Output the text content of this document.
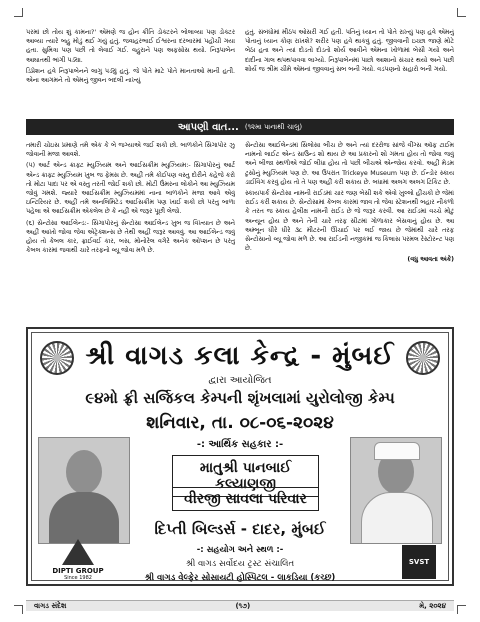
પરમાં છો તોય શું કામના?' એમણે જ હોન ક્રીતિ ડોક્ટરને બોલાવ્યા પણ ડોક્ટર આવ્યા ત્યારે બહુ મોડું થઈ ગયું હતું. જવાહરભાઈ ઈશ્વરના દરબારમાં પહોંચી ગયા હતા. સુમિત્રા પણ પછી તો લેવાઈ ગઈ. વહુરાને પણ અફસોસ થયો. નિરૂપાબેન આઘાતથી ભાંગી પડ્યા.

ડિપ્રેશન હવે નિરૂપાબેનને લાગુ પડ્યું હતું. જે પોતે માટે પોતે માનતાઓ માની હતી. એના આગમને તો એમનું જીવન બદલી નાખ્યું

હતું. સંબંધોમાં મીઠપ ઓસરી ગઈ હતી. પતિનું ધ્યાન તો પોતે રાખ્યું પણ હવે એમનું પોતાનું ધ્યાન કોણ રાખશે? શરીર પણ હવે થાકવું હતું. જીવવાની ઇચ્છા જાણે મોટે બેઠા હતા અને ત્યાં દોડતો દોડતો શોર્ય આવીને એમના ખોળામાં બેસી ગયો અને દાદીના ગાલ થપથપાવવા લાગ્યો. નિરૂપાબેનમાં પાછો આશાનો સંચાર થયો અને પછી શોર્ય જ શ્રીમ ચીમે એમનાં જીવવાનું સબ બની ગયો. વડપણનો સહારો બની ગયો.

આપણી વાત... (૧૨મા પાનાથી ચાલુ)

તમારી ચોઇસ પ્રમાણે તમે એક કે બે જગ્યાએ જઈ શકો છો. બાળકોને સિંગાપોર ઝુ જોવાની મજા આવશે.

(૫) આર્ટ એન્ડ ક્રાફ્ટ મ્યુઝિયમ અને આઈસક્રીમ મ્યુઝિયમ:- સિંગાપોરનું આર્ટ એન્ડ ક્રાફ્ટ મ્યુઝિયમ ખુબ જ ફેમસ છે. અહીં તમે કોઈપણ વસ્તુ દોરીને કહેજે કરો તો મોટા પાદા પર એ વસ્તુ તરતી જોઈ શકો છો. મોટી ઉંમરના લોકોને આ મ્યુઝિયમ જોવું ગમશે. જ્યારે આઈસક્રીમ મ્યુઝિયમમાં નાના બાળકોને મજા આવે એવું ઇન્ટિરિયર છે. અહીં તમે અનલિમિટેડ આઈસક્રીમ પણ ખાઈ શકો છો પરંતુ બાળા પહેલા એ આઈસક્રીમ એકલેલ છે કે નહીં એ જરૂર પૂછી લેજો.

(૬) સેન્ટોસા આઈલેન્ડ:- સિંગાપોરનું સેન્ટોસા આઈલેન્ડ ખુબ જ વિખ્યાત છે અને અહીં આખો જોવા જેવા એટ્રેક્શન્સ છે તેથી અહીં જરૂર આવવું. આ આઈલેન્ડ જવું હોય તો કેબલ કાર, ફ્રાઈવઈ કાર, બસ, મોનોરેલ વગેરે અનેક ઓપ્શન છે પરંતુ કેબલ કારમાં જવાથી ચારે તરફનો વ્યૂ જોવા મળે છે.

સેન્ટોસા આઈલેન્ડમાં સિલોસા બીચ છે અને ત્યાં દરરોજ સાંજે વીંગ્સ ઑફ ટાઈમ નામનો લાઈટ એન્ડ સાઉન્ડ શો થાય છે આ પ્રકારનો શો ગમતા હોય તો જોવા જવું અને બીજા સ્થળોએ જોઈ લીધા હોય તો પછી બીચએ એન્જોય કરવો. અહીં મેડમ ટુસોનું મ્યુઝિયમ પણ છે. આ ઉપરાંત Trickeye Museum પણ છે. ઈન્ડોર સ્કાય ડાઈવિંગ કરવું હોય તો તે પણ અહીં કરી શકાય છે. બધામાં અલગ અલગ ટિકિટ છે.

સ્કાયપાર્ક સેન્ટોસા નામની રાઈડમાં ચાર જણ બેસી શકે એવો ખુલ્લો હીંચકો છે જેમાં રાઈડ કરી શકાય છે. સેન્ટોસામાં કેબલ કારમાં જાવ તો જેવા સ્ટેશનથી બહાર નીકળો કે તરત જ સ્કાય હેલીક્ષ નામની રાઈડ છે જે જરૂર કરવી. આ રાઈડમાં વચ્ચે મોટું અન્યૂન હોય છે અને તેની ચારે તરફ સીટમાં ગોળાકાર બેસવાનું હોય છે. આ અમ્બૂન ધીરે ધીરે ૩૮ મીટરની ઊંચાઈ પર લઈ જાય છે જેમાંથી ચારે તરફ સેન્ટોસાનો વ્યૂ જોવા મળે છે. આ રાઈડની નજીકમાં જ કિલાસ પરમલ રેસ્ટોરન્ટ પણ છે.

(વધુ આવતા અંકે)
શ્રી વાગડ કલા કેન્દ્ર - મુંબઈ
દ્વારા આયોજિત
૯૪મો ફ્રી સર્જિકલ કેમ્પની શૃંખલામાં યુરોલોજી કેમ્પ
શનિવાર, તા. ૦૮-૦૬-૨૦૨૪
-: આર્થિક સહકાર :-
માતુશ્રી પાનબાઈ કલ્યાણજી
વીરજી સાવલા પરિવાર
દિપ્તી બિલ્ડર્સ - દાદર, મુંબઈ
-: સહયોગ અને સ્થળ :-
શ્રી વાગડ સર્વોદય ટ્રસ્ટ સંચાલિત
શ્રી વાગડ વેલ્ફેર સોસાયટી હોસ્પિટલ - લાકડિયા (કચ્છ)
DIPTI GROUP
Since 1982
SVST
વાગડ સંદેશ	(૧૭)	મે, ૨૦૨૪
